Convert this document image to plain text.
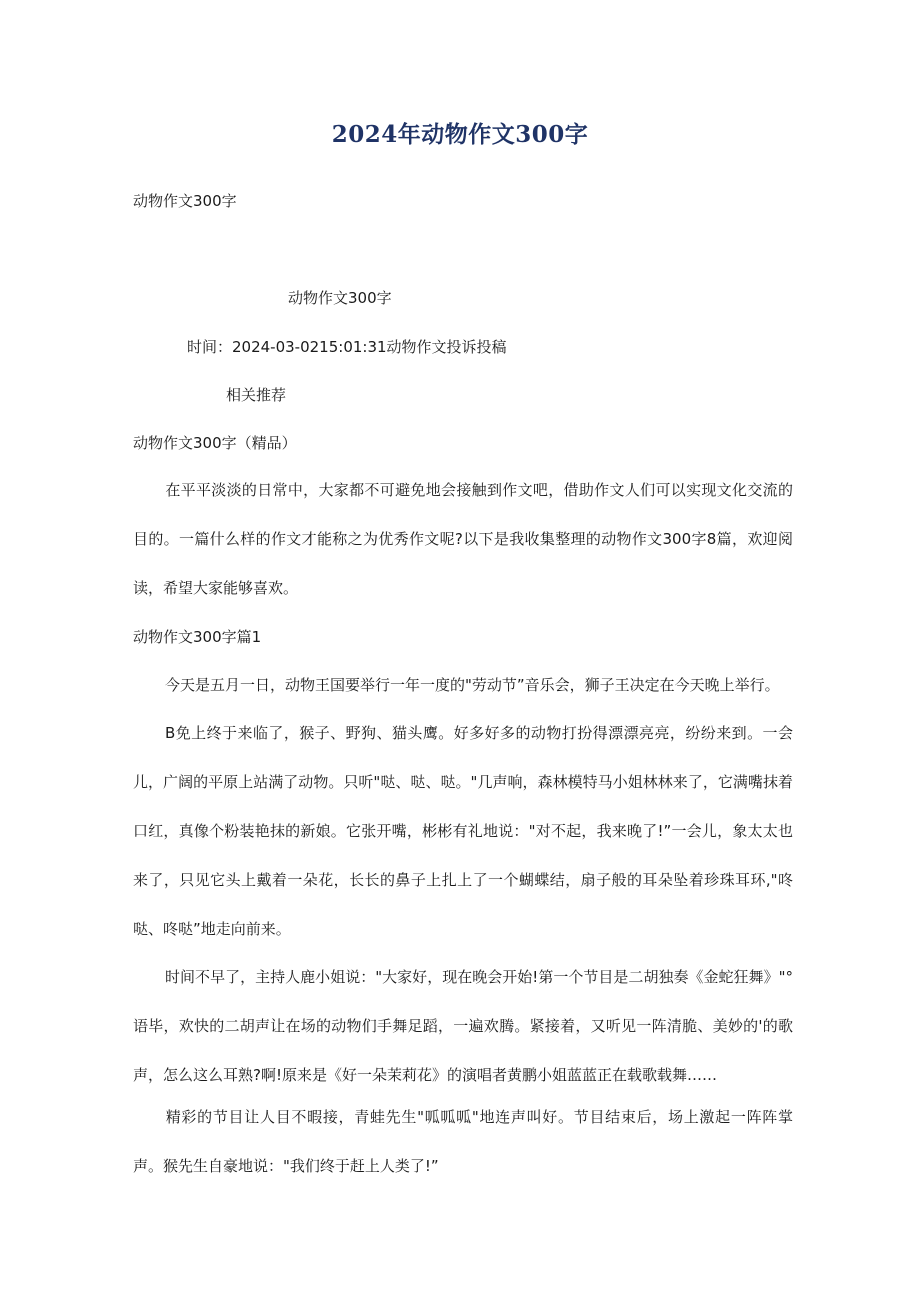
2024年动物作文300字
动物作文300字
动物作文300字
时间：2024-03-0215:01:31动物作文投诉投稿
相关推荐
动物作文300字（精品）
在平平淡淡的日常中，大家都不可避免地会接触到作文吧，借助作文人们可以实现文化交流的目的。一篇什么样的作文才能称之为优秀作文呢?以下是我收集整理的动物作文300字8篇，欢迎阅读，希望大家能够喜欢。
动物作文300字篇1
今天是五月一日，动物王国要举行一年一度的"劳动节”音乐会，狮子王决定在今天晚上举行。
B免上终于来临了，猴子、野狗、猫头鹰。好多好多的动物打扮得漂漂亮亮，纷纷来到。一会儿，广阔的平原上站满了动物。只听"哒、哒、哒。"几声响，森林模特马小姐林林来了，它满嘴抹着口红，真像个粉装艳抹的新娘。它张开嘴，彬彬有礼地说："对不起，我来晚了!”一会儿，象太太也来了，只见它头上戴着一朵花，长长的鼻子上扎上了一个蝴蝶结，扇子般的耳朵坠着珍珠耳环,"咚哒、咚哒”地走向前来。
时间不早了，主持人鹿小姐说："大家好，现在晚会开始!第一个节目是二胡独奏《金蛇狂舞》"°语毕，欢快的二胡声让在场的动物们手舞足蹈，一遍欢腾。紧接着，又听见一阵清脆、美妙的'的歌声，怎么这么耳熟?啊!原来是《好一朵茉莉花》的演唱者黄鹏小姐蓝蓝正在载歌载舞……
精彩的节目让人目不暇接，青蛙先生"呱呱呱"地连声叫好。节目结束后，场上激起一阵阵掌声。猴先生自豪地说："我们终于赶上人类了!”
